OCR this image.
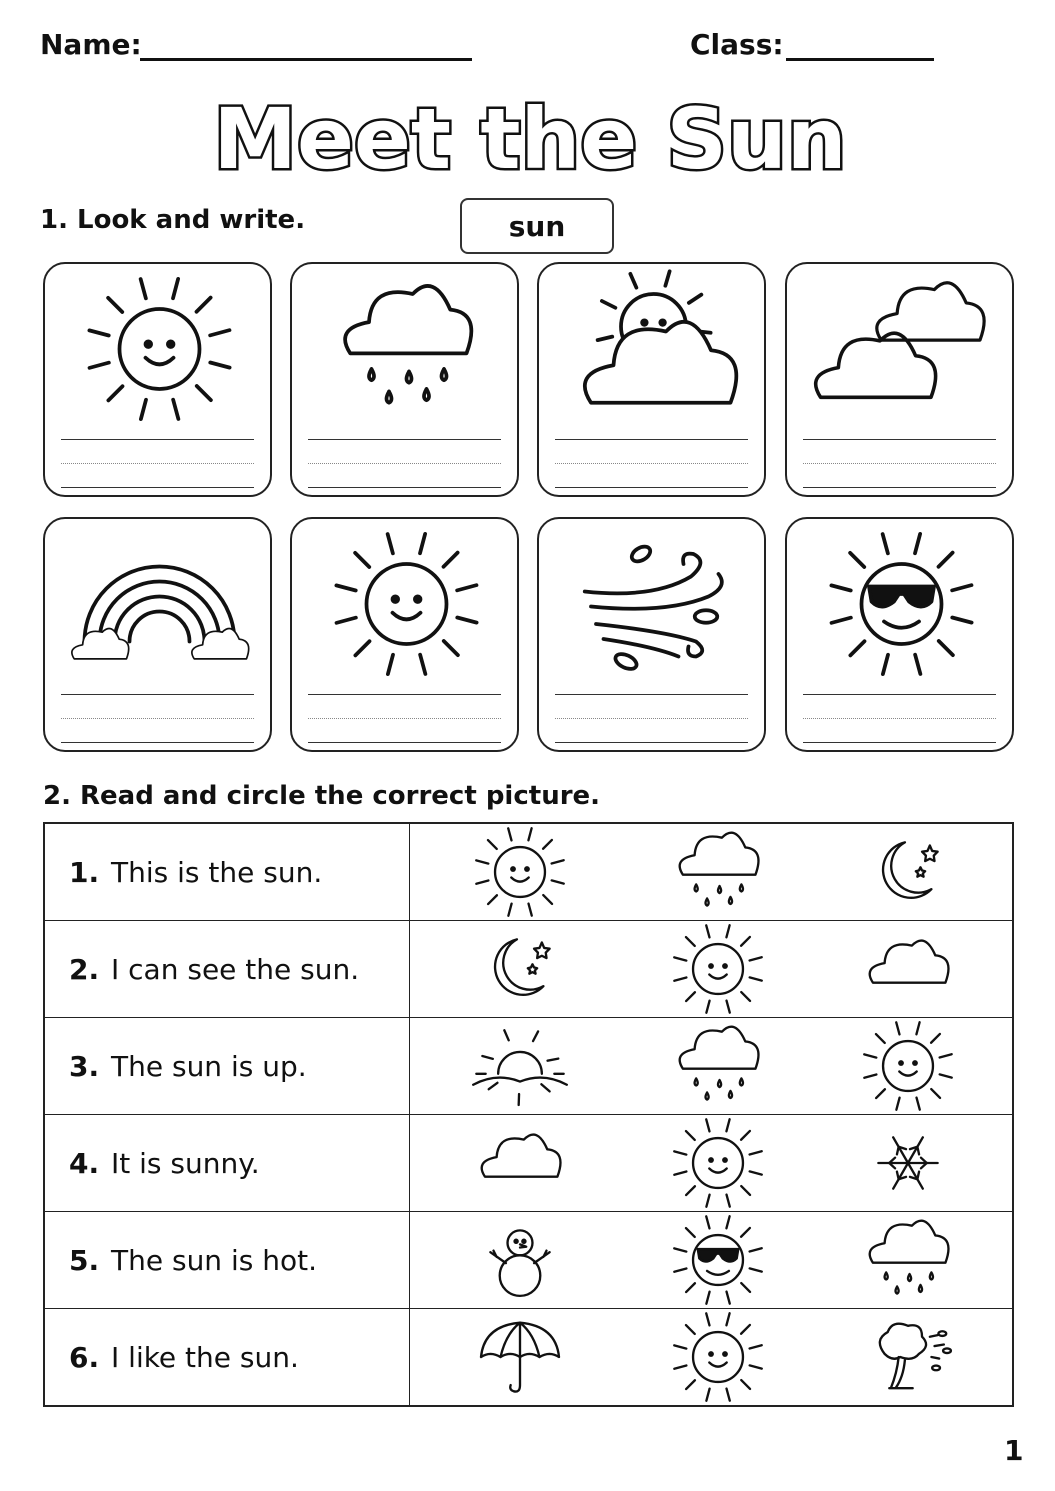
Name:	Class:
Meet the Sun
1. Look and write.	sun
2. Read and circle the correct picture.
1. This is the sun.	

2. I can see the sun.	

3. The sun is up.	

4. It is sunny.	

5. The sun is hot.	

6. I like the sun.	
1
